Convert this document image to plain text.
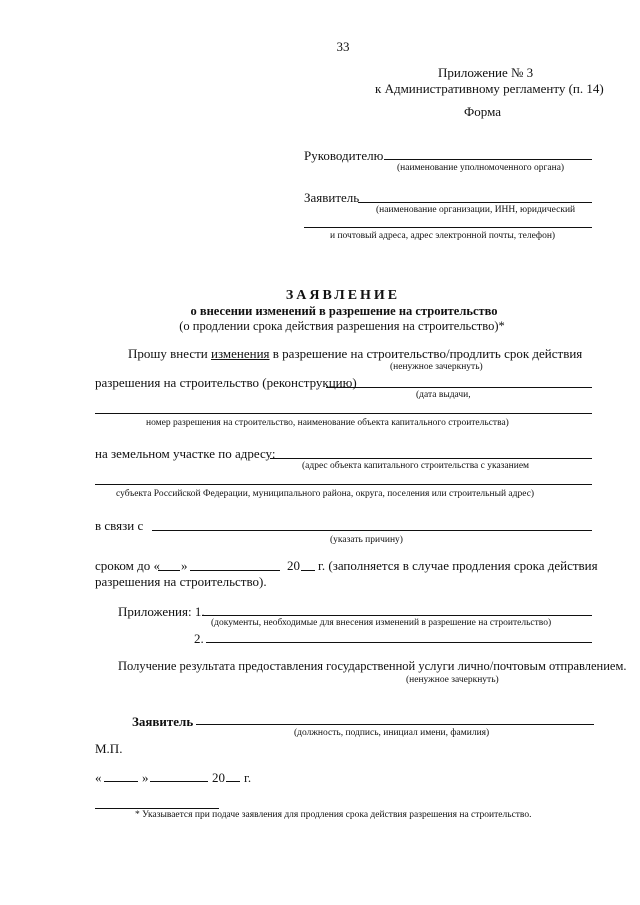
33
Приложение № 3
к Административному регламенту (п. 14)
Форма
Руководителю
(наименование уполномоченного органа)
Заявитель
(наименование организации, ИНН, юридический
и почтовый адреса, адрес электронной почты, телефон)
ЗАЯВЛЕНИЕ
о внесении изменений в разрешение на строительство
(о продлении срока действия разрешения на строительство)*
Прошу внести изменения в разрешение на строительство/продлить срок действия
(ненужное зачеркнуть)
разрешения на строительство (реконструкцию)
(дата выдачи,
номер разрешения на строительство, наименование объекта капитального строительства)
на земельном участке по адресу:
(адрес объекта капитального строительства с указанием
субъекта Российской Федерации, муниципального района, округа, поселения или строительный адрес)
в связи с
(указать причину)
сроком до « »	20 г. (заполняется в случае продления срока действия
разрешения на строительство).
Приложения: 1.
(документы, необходимые для внесения изменений в разрешение на строительство)
2.
Получение результата предоставления государственной услуги лично/почтовым отправлением.
(ненужное зачеркнуть)
Заявитель
(должность, подпись, инициал имени, фамилия)
М.П.
«	»	20 г.
* Указывается при подаче заявления для продления срока действия разрешения на строительство.
